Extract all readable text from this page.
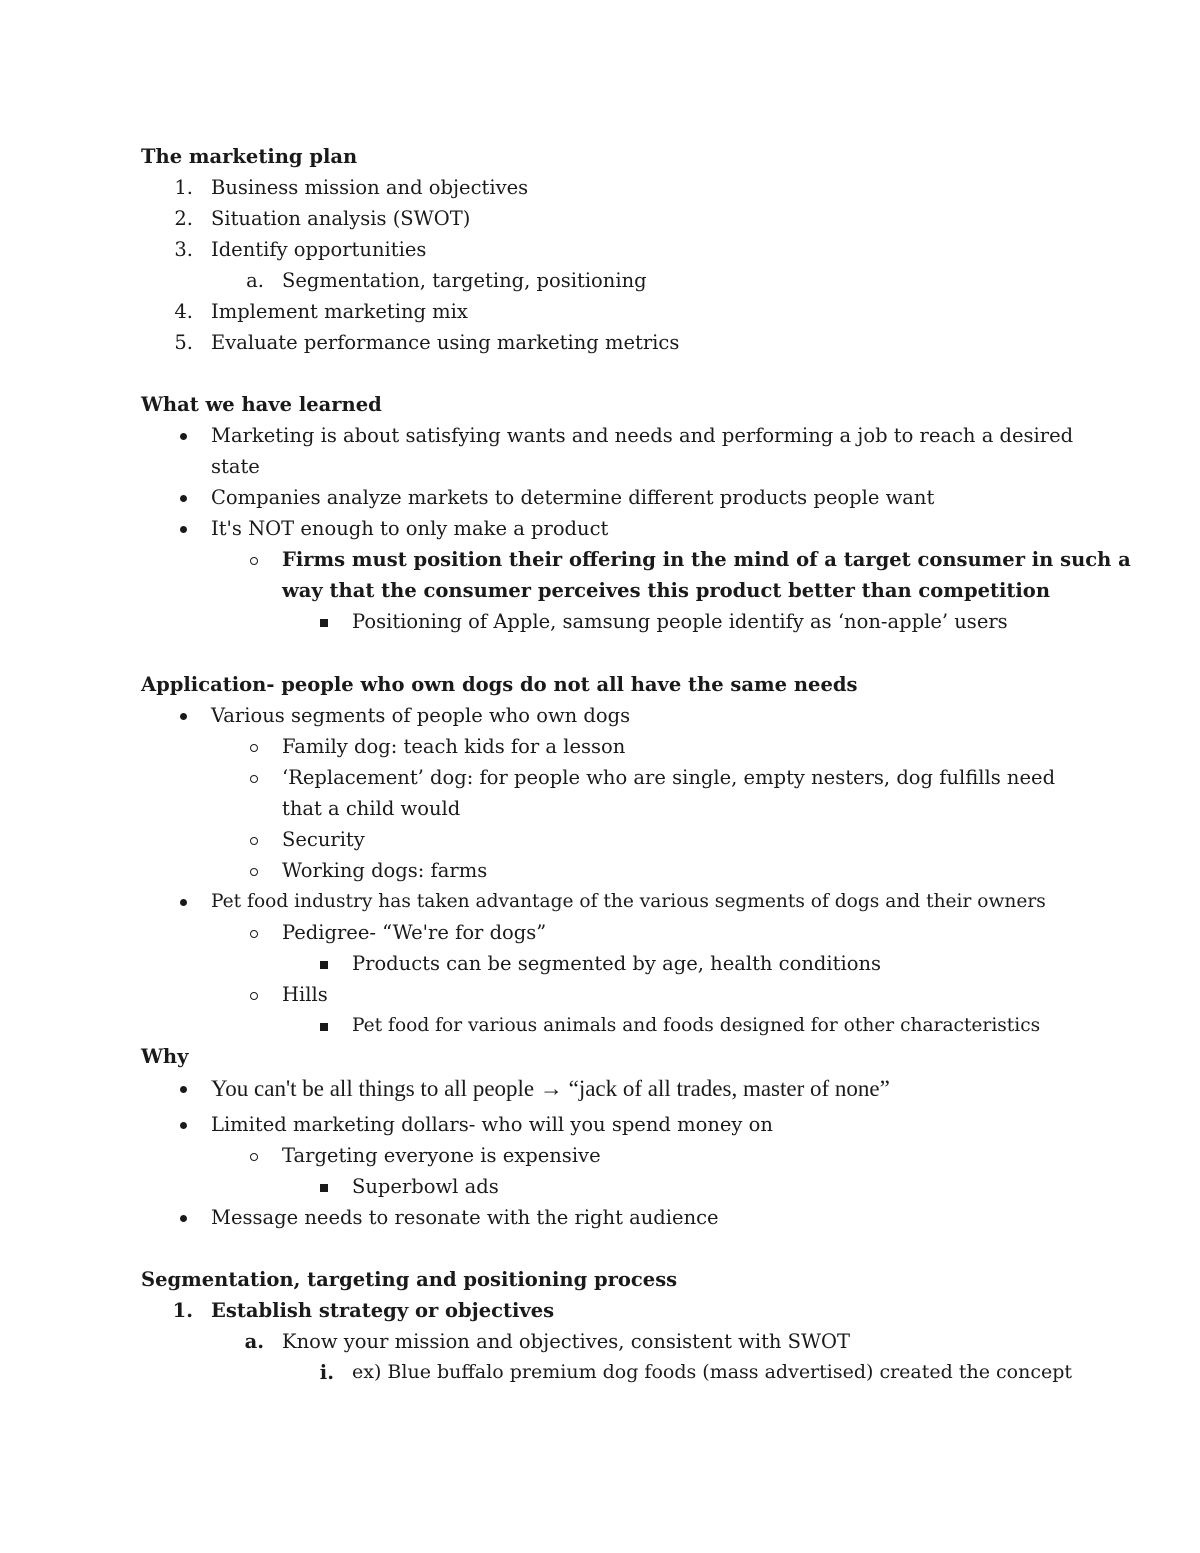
The marketing plan
1. Business mission and objectives
2. Situation analysis (SWOT)
3. Identify opportunities
a. Segmentation, targeting, positioning
4. Implement marketing mix
5. Evaluate performance using marketing metrics
What we have learned
Marketing is about satisfying wants and needs and performing a job to reach a desired
state
Companies analyze markets to determine different products people want
It's NOT enough to only make a product
Firms must position their offering in the mind of a target consumer in such a
way that the consumer perceives this product better than competition
Positioning of Apple, samsung people identify as ‘non-apple’ users
Application- people who own dogs do not all have the same needs
Various segments of people who own dogs
Family dog: teach kids for a lesson
‘Replacement’ dog: for people who are single, empty nesters, dog fulfills need
that a child would
Security
Working dogs: farms
Pet food industry has taken advantage of the various segments of dogs and their owners
Pedigree- “We're for dogs”
Products can be segmented by age, health conditions
Hills
Pet food for various animals and foods designed for other characteristics
Why
You can't be all things to all people → “jack of all trades, master of none”
Limited marketing dollars- who will you spend money on
Targeting everyone is expensive
Superbowl ads
Message needs to resonate with the right audience
Segmentation, targeting and positioning process
1. Establish strategy or objectives
a. Know your mission and objectives, consistent with SWOT
i. ex) Blue buffalo premium dog foods (mass advertised) created the concept
